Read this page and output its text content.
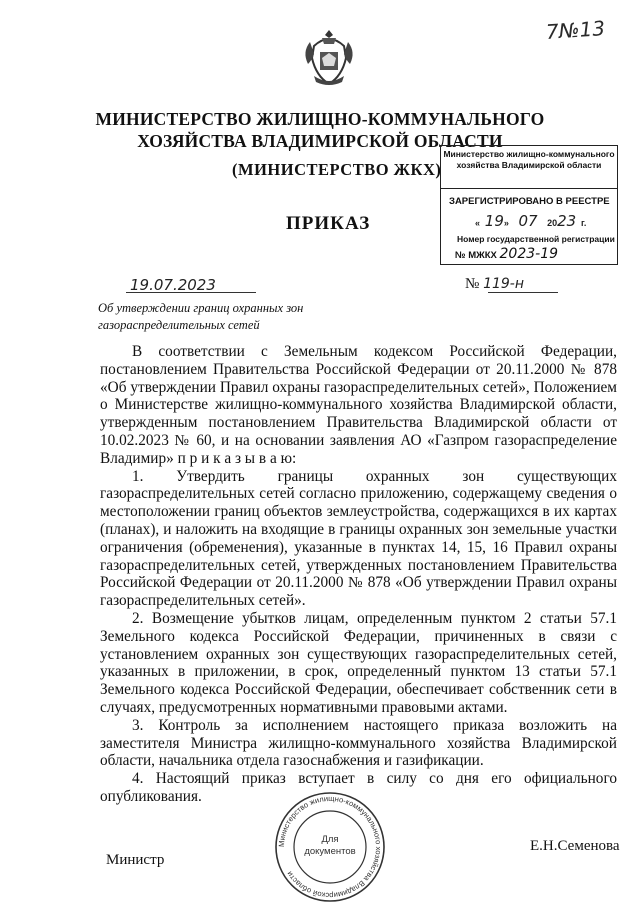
7№13
МИНИСТЕРСТВО ЖИЛИЩНО-КОММУНАЛЬНОГО ХОЗЯЙСТВА ВЛАДИМИРСКОЙ ОБЛАСТИ
(МИНИСТЕРСТВО ЖКХ)
ПРИКАЗ
Министерство жилищно-коммунального хозяйства Владимирской области
ЗАРЕГИСТРИРОВАНО В РЕЕСТРЕ
« 19» 07 2023 г.
Номер государственной регистрации
№ МЖКХ 2023-19
19.07.2023	№ 119-н
Об утверждении границ охранных зон газораспределительных сетей

В соответствии с Земельным кодексом Российской Федерации, постановлением Правительства Российской Федерации от 20.11.2000 № 878 «Об утверждении Правил охраны газораспределительных сетей», Положением о Министерстве жилищно-коммунального хозяйства Владимирской области, утвержденным постановлением Правительства Владимирской области от 10.02.2023 № 60, и на основании заявления АО «Газпром газораспределение Владимир» п р и к а з ы в а ю:

1. Утвердить границы охранных зон существующих газораспределительных сетей согласно приложению, содержащему сведения о местоположении границ объектов землеустройства, содержащихся в их картах (планах), и наложить на входящие в границы охранных зон земельные участки ограничения (обременения), указанные в пунктах 14, 15, 16 Правил охраны газораспределительных сетей, утвержденных постановлением Правительства Российской Федерации от 20.11.2000 № 878 «Об утверждении Правил охраны газораспределительных сетей».

2. Возмещение убытков лицам, определенным пунктом 2 статьи 57.1 Земельного кодекса Российской Федерации, причиненных в связи с установлением охранных зон существующих газораспределительных сетей, указанных в приложении, в срок, определенный пунктом 13 статьи 57.1 Земельного кодекса Российской Федерации, обеспечивает собственник сети в случаях, предусмотренных нормативными правовыми актами.

3. Контроль за исполнением настоящего приказа возложить на заместителя Министра жилищно-коммунального хозяйства Владимирской области, начальника отдела газоснабжения и газификации.

4. Настоящий приказ вступает в силу со дня его официального опубликования.

Министерство жилищно-коммунального хозяйства Владимирской области
Для
документов
Министр
Е.Н.Семенова
